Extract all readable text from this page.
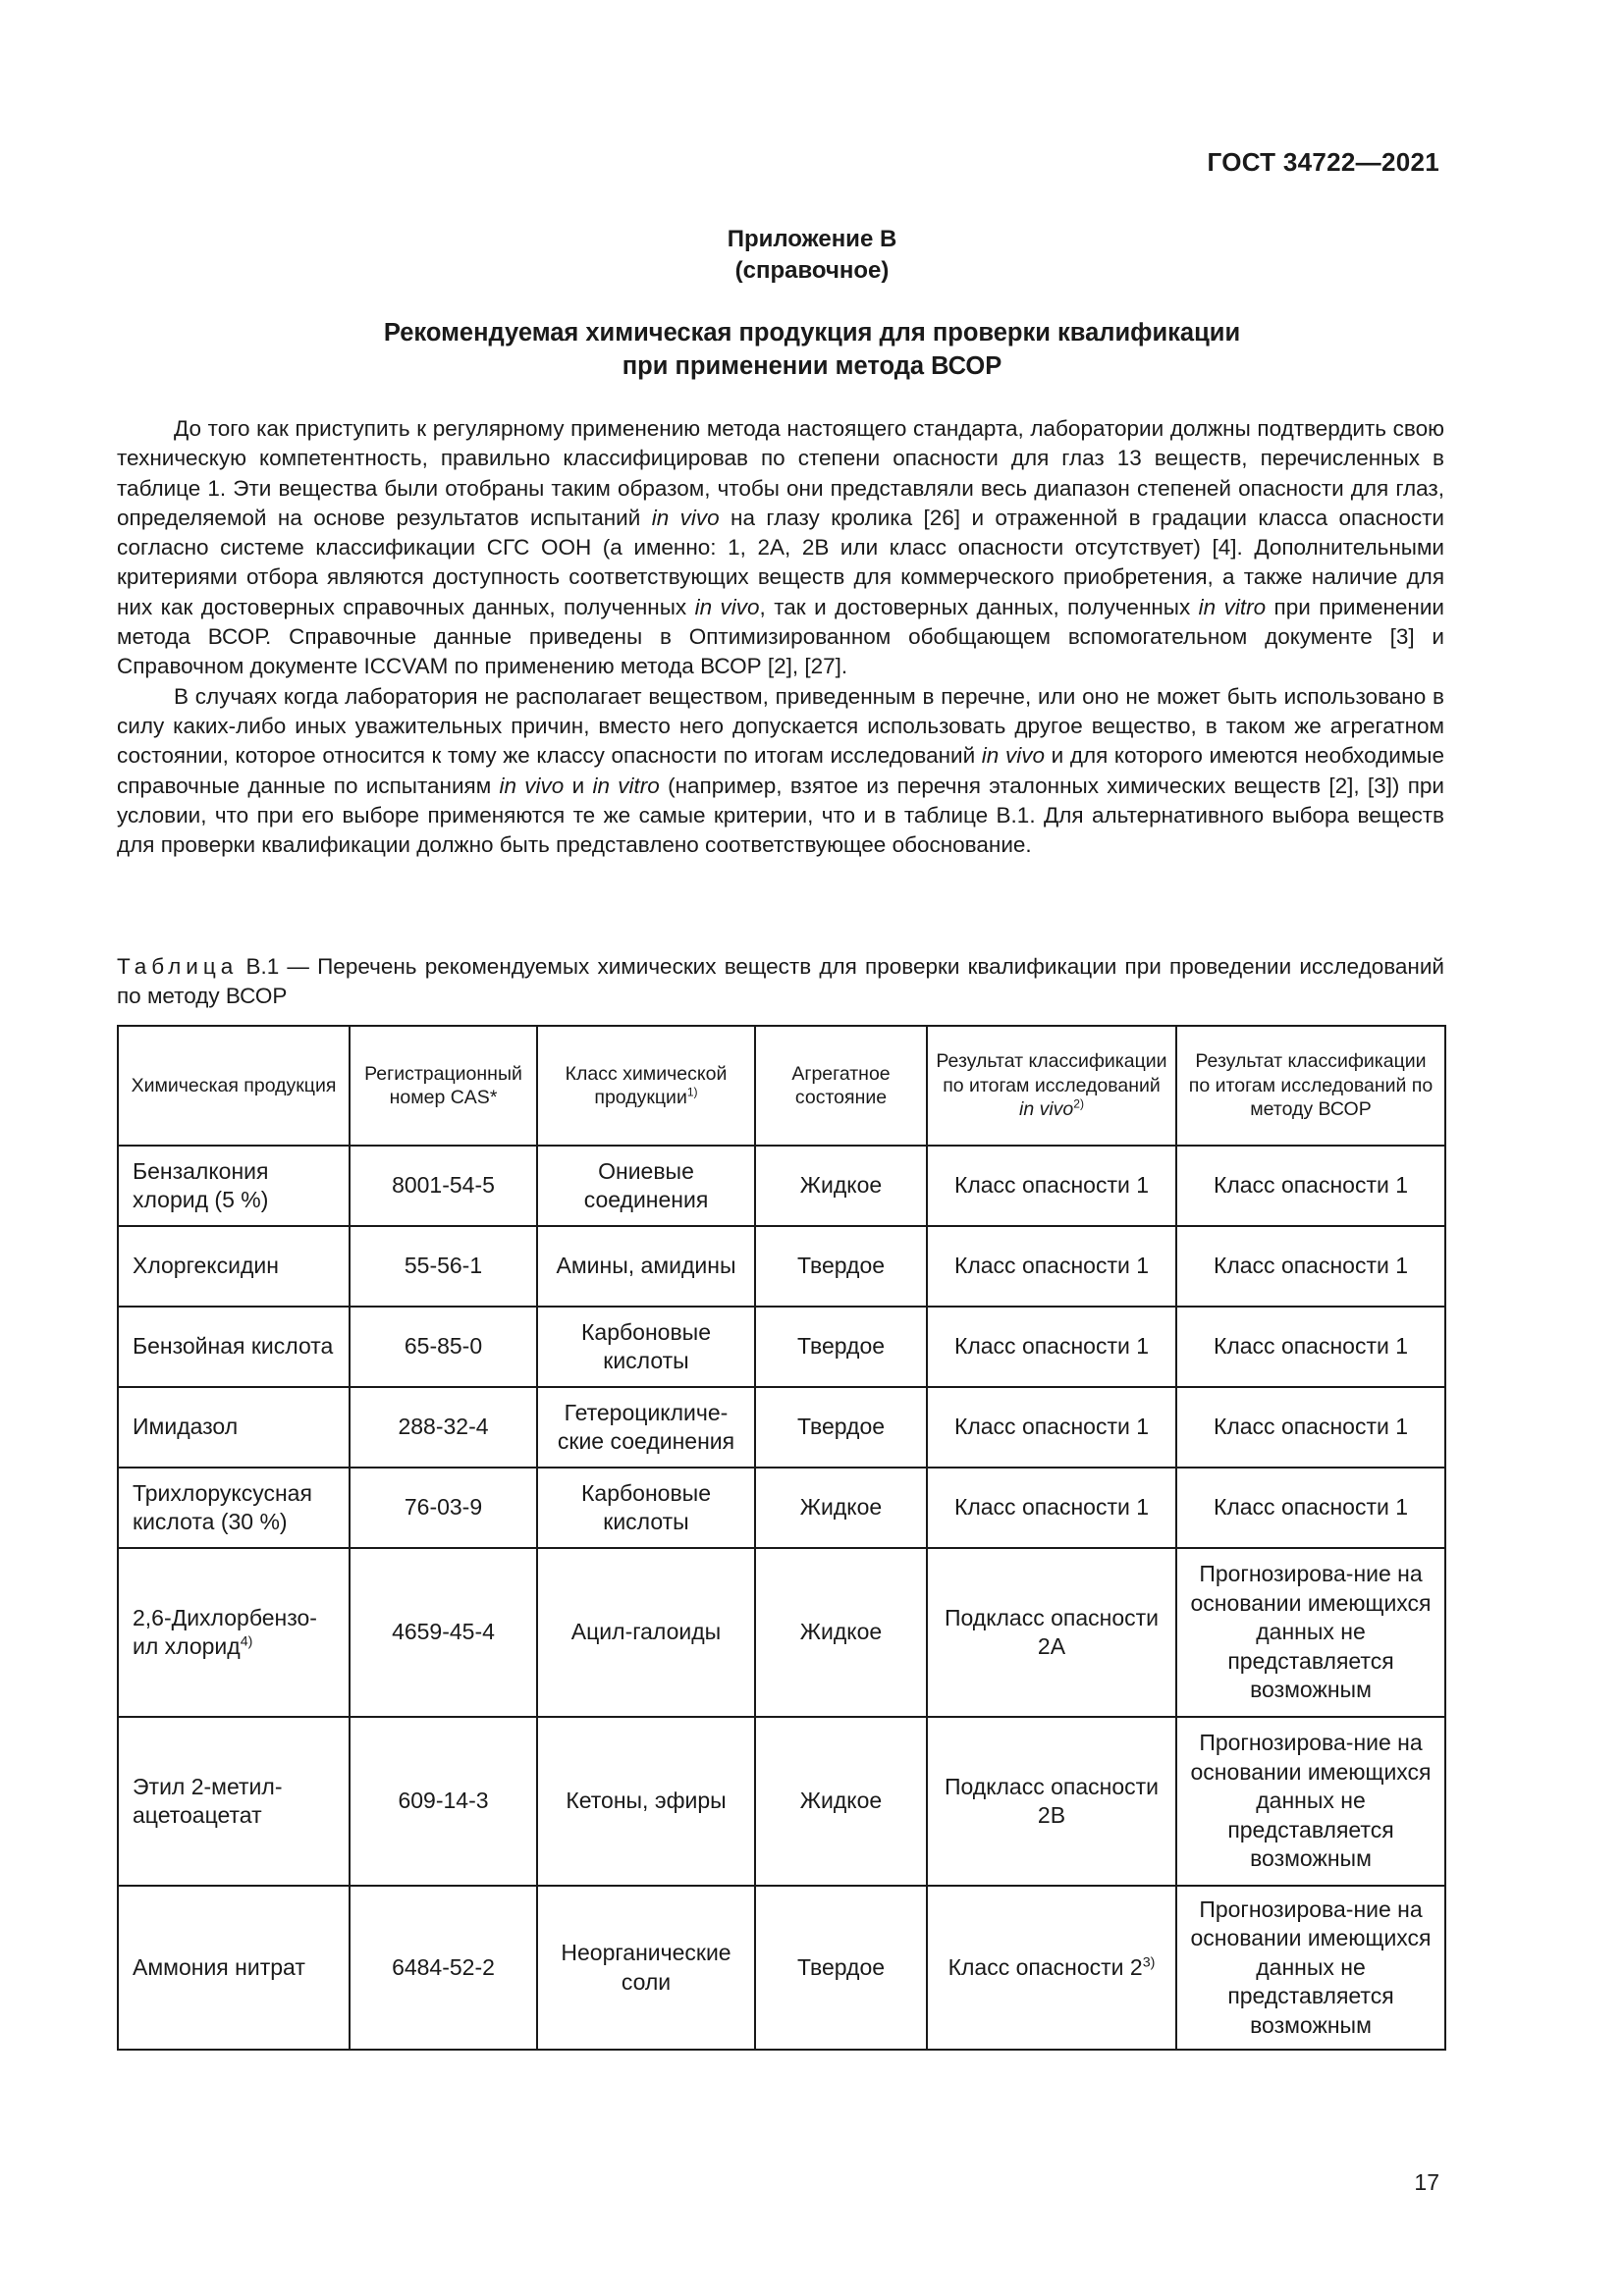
ГОСТ 34722—2021
Приложение В
(справочное)
Рекомендуемая химическая продукция для проверки квалификации
при применении метода ВСОР

До того как приступить к регулярному применению метода настоящего стандарта, лаборатории должны подтвердить свою техническую компетентность, правильно классифицировав по степени опасности для глаз 13 веществ, перечисленных в таблице 1. Эти вещества были отобраны таким образом, чтобы они представляли весь диапазон степеней опасности для глаз, определяемой на основе результатов испытаний in vivo на глазу кролика [26] и отраженной в градации класса опасности согласно системе классификации СГС ООН (а именно: 1, 2А, 2В или класс опасности отсутствует) [4]. Дополнительными критериями отбора являются доступность соответствующих веществ для коммерческого приобретения, а также наличие для них как достоверных справочных данных, полученных in vivo, так и достоверных данных, полученных in vitro при применении метода ВСОР. Справочные данные приведены в Оптимизированном обобщающем вспомогательном документе [3] и Справочном документе ICCVAM по применению метода ВСОР [2], [27].

В случаях когда лаборатория не располагает веществом, приведенным в перечне, или оно не может быть использовано в силу каких-либо иных уважительных причин, вместо него допускается использовать другое вещество, в таком же агрегатном состоянии, которое относится к тому же классу опасности по итогам исследований in vivo и для которого имеются необходимые справочные данные по испытаниям in vivo и in vitro (например, взятое из перечня эталонных химических веществ [2], [3]) при условии, что при его выборе применяются те же самые критерии, что и в таблице В.1. Для альтернативного выбора веществ для проверки квалификации должно быть представлено соответствующее обоснование.

Таблица В.1 — Перечень рекомендуемых химических веществ для проверки квалификации при проведении исследований по методу ВСОР
Химическая продукция	Регистрационный номер CAS*	Класс химической продукции$^{1)}$	Агрегатное состояние	Результат классификации по итогам исследований in vivo$^{2)}$	Результат классификации по итогам исследований по методу ВСОР
Бензалкония хлорид (5 %)	8001-54-5	Ониевые соединения	Жидкое	Класс опасности 1	Класс опасности 1
Хлоргексидин	55-56-1	Амины, амидины	Твердое	Класс опасности 1	Класс опасности 1
Бензойная кислота	65-85-0	Карбоновые кислоты	Твердое	Класс опасности 1	Класс опасности 1
Имидазол	288-32-4	Гетероцикличе-ские соединения	Твердое	Класс опасности 1	Класс опасности 1
Трихлоруксусная кислота (30 %)	76-03-9	Карбоновые кислоты	Жидкое	Класс опасности 1	Класс опасности 1
2,6-Дихлорбензо-ил хлорид$^{4)}$	4659-45-4	Ацил-галоиды	Жидкое	Подкласс опасности 2А	Прогнозирова-ние на основании имеющихся данных не представляется возможным
Этил 2-метил-ацетоацетат	609-14-3	Кетоны, эфиры	Жидкое	Подкласс опасности 2В	Прогнозирова-ние на основании имеющихся данных не представляется возможным
Аммония нитрат	6484-52-2	Неорганические соли	Твердое	Класс опасности 2$^{3)}$	Прогнозирова-ние на основании имеющихся данных не представляется возможным
17
